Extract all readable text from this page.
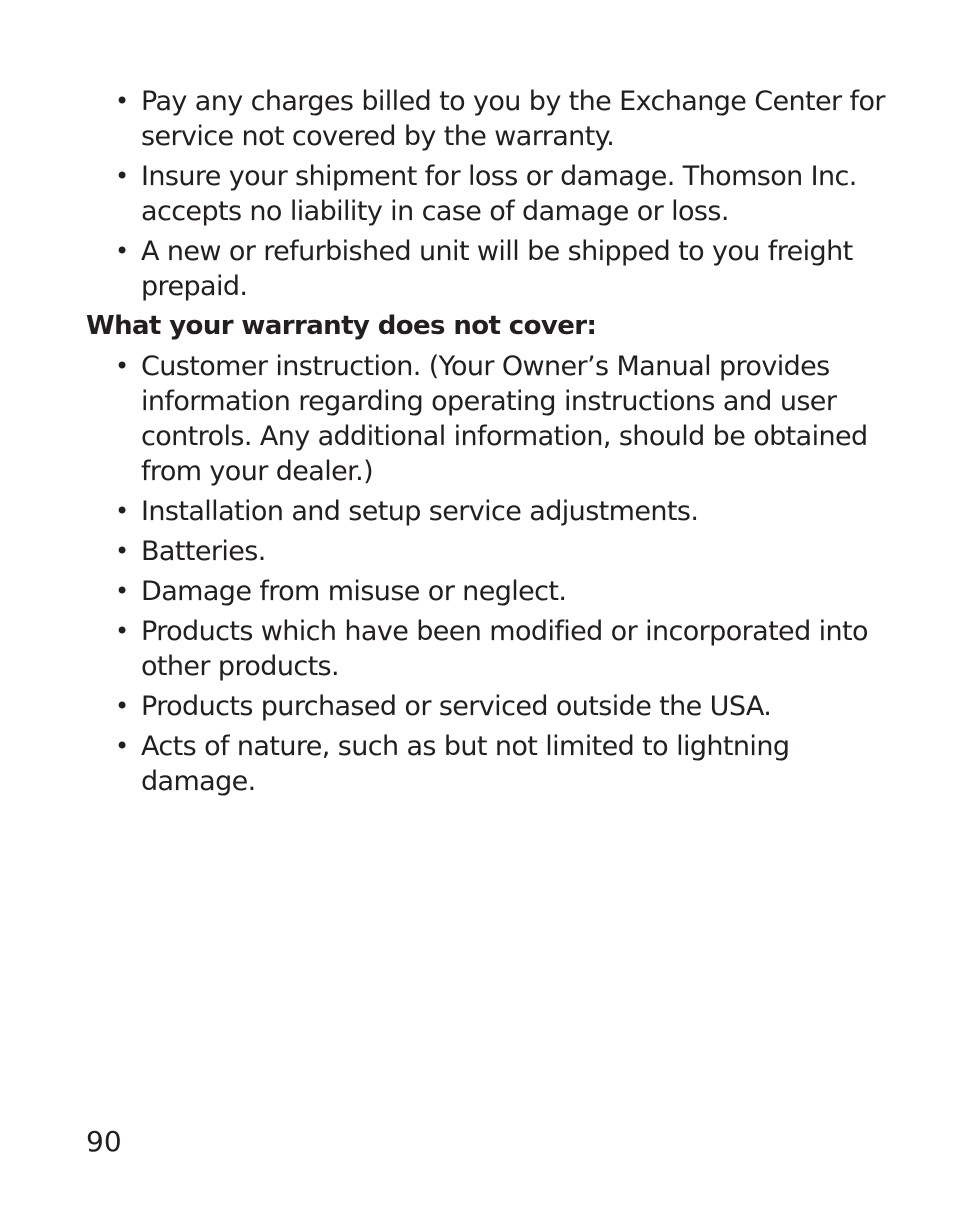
• Pay any charges billed to you by the Exchange Center for service not covered by the warranty.
• Insure your shipment for loss or damage. Thomson Inc. accepts no liability in case of damage or loss.
• A new or refurbished unit will be shipped to you freight prepaid.
What your warranty does not cover:
• Customer instruction. (Your Owner’s Manual provides information regarding operating instructions and user controls. Any additional information, should be obtained from your dealer.)
• Installation and setup service adjustments.
• Batteries.
• Damage from misuse or neglect.
• Products which have been modified or incorporated into other products.
• Products purchased or serviced outside the USA.
• Acts of nature, such as but not limited to lightning damage.
90
